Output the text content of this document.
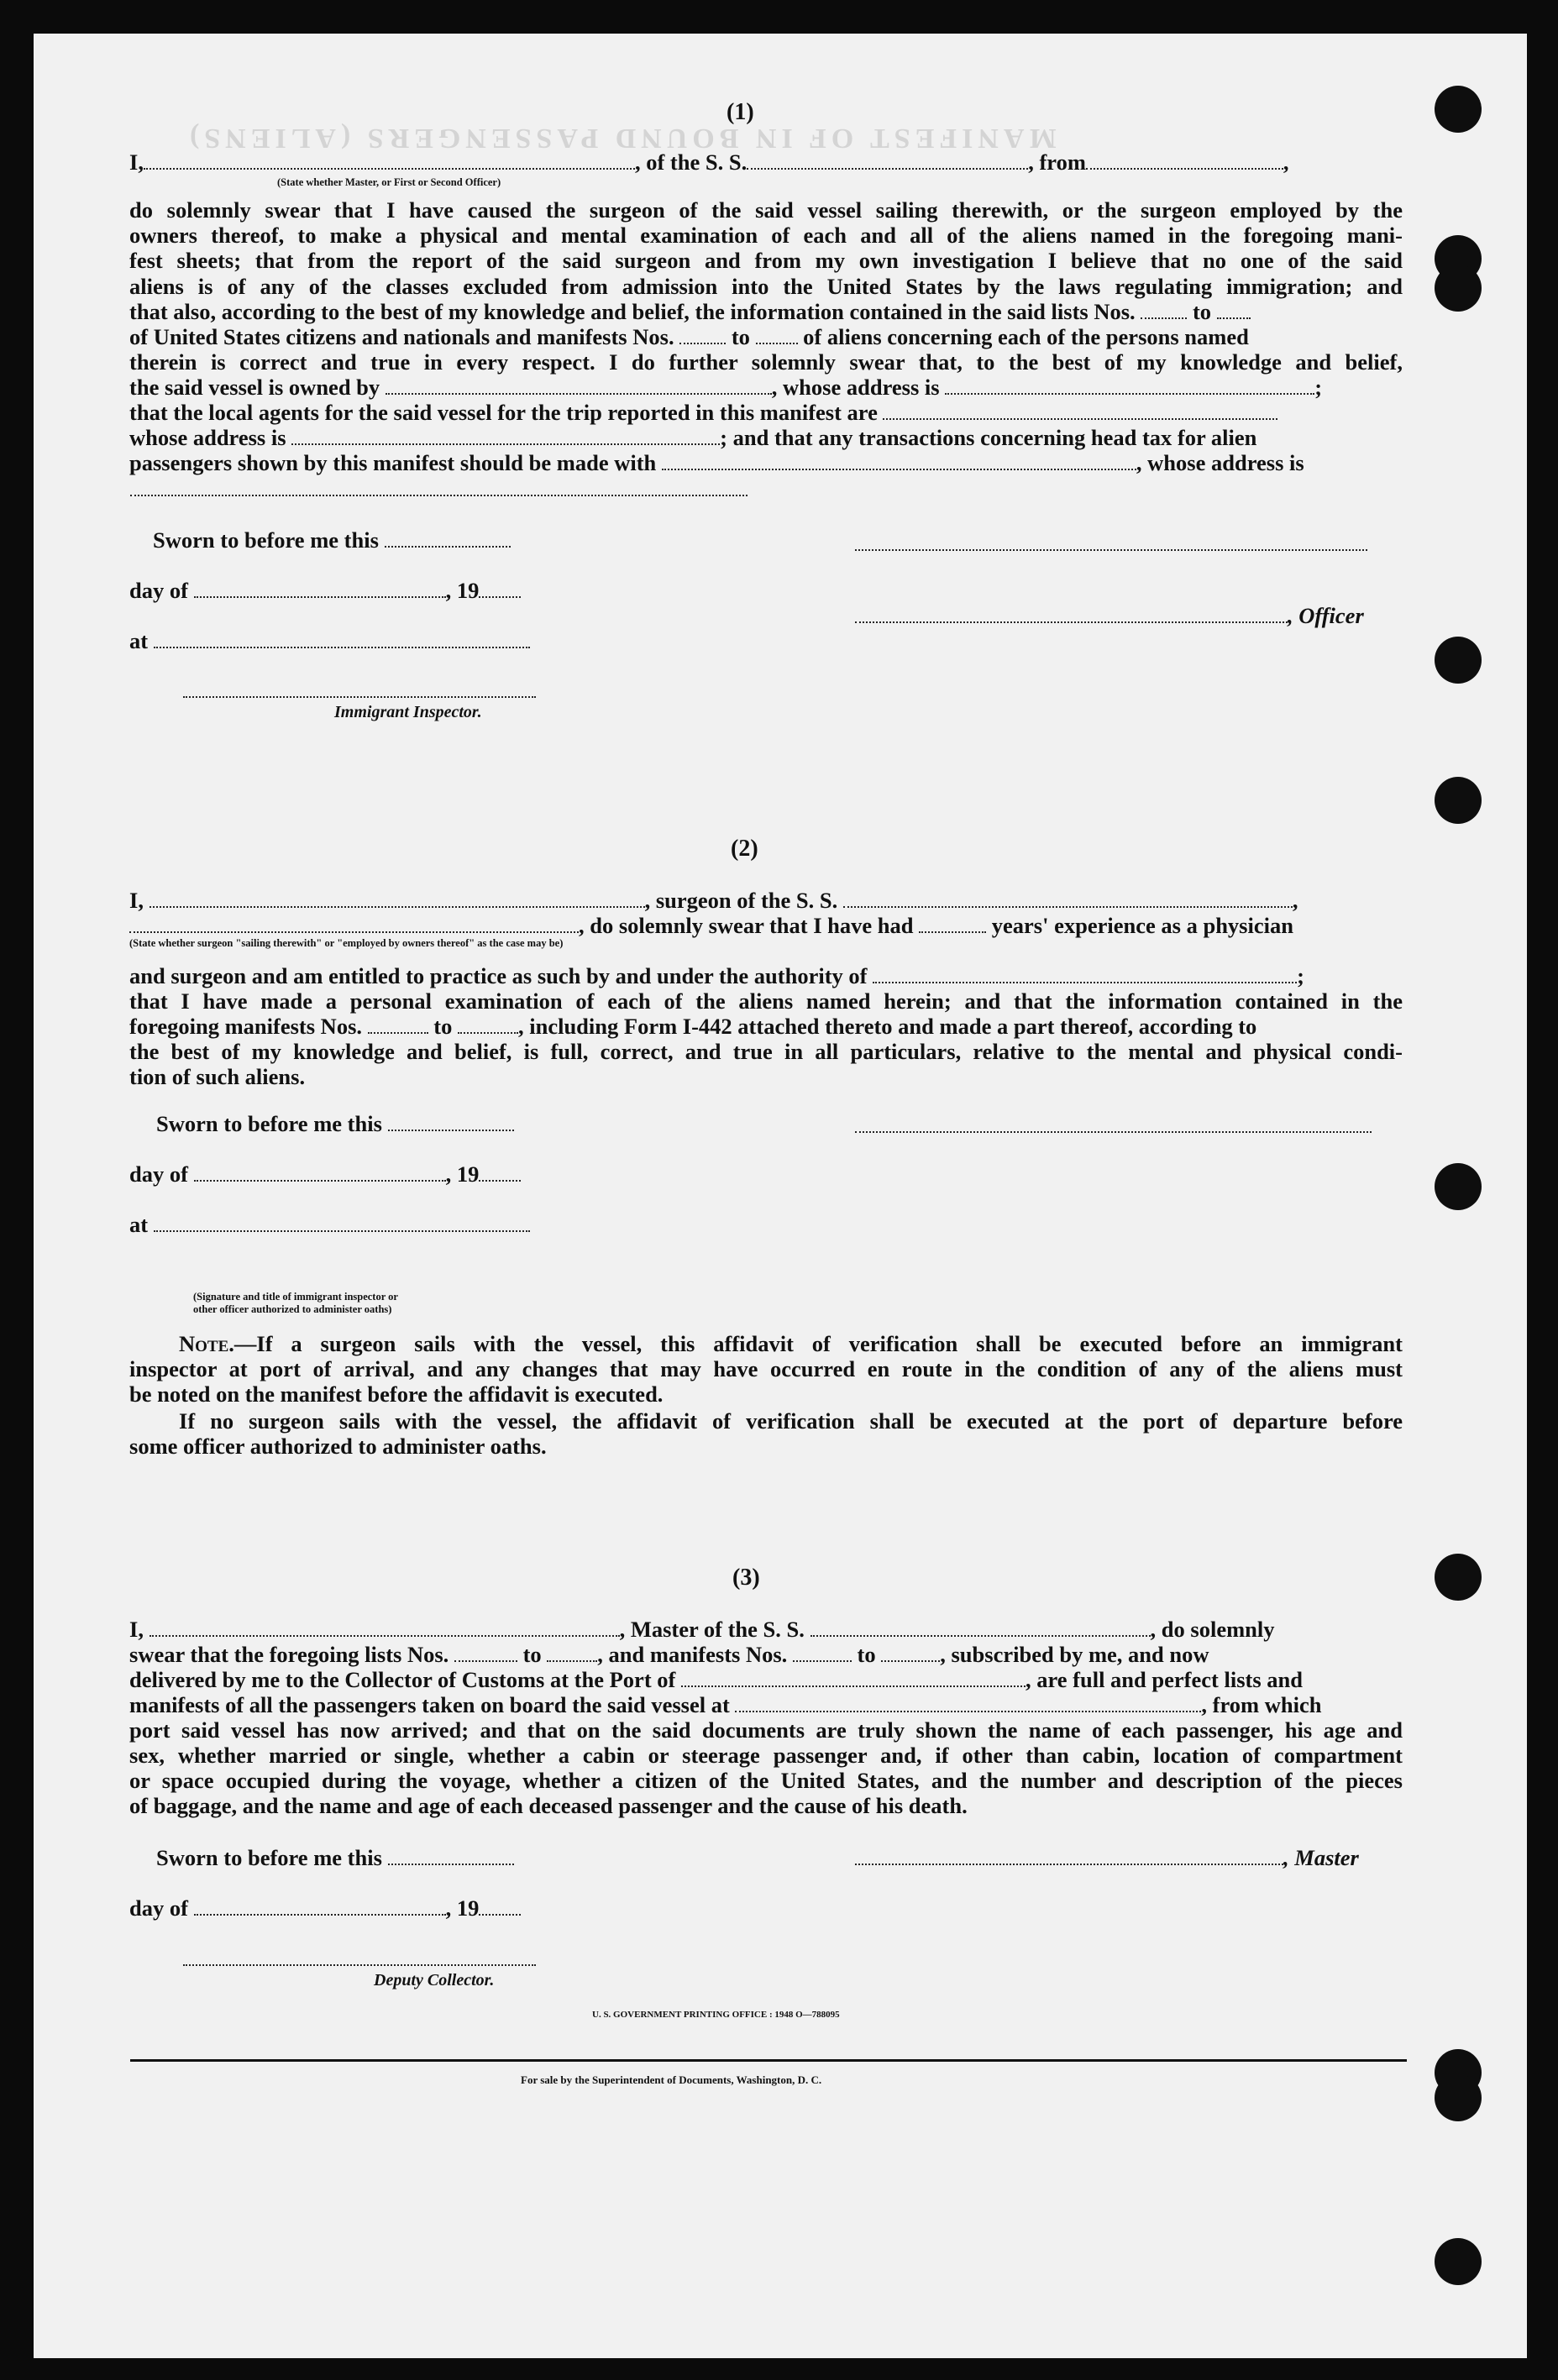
MANIFEST OF IN BOUND PASSENGERS (ALIENS)
(1)
I,	, of the S. S.	, from	,
(State whether Master, or First or Second Officer)
do solemnly swear that I have caused the surgeon of the said vessel sailing therewith, or the surgeon employed by the
owners thereof, to make a physical and mental examination of each and all of the aliens named in the foregoing mani-
fest sheets; that from the report of the said surgeon and from my own investigation I believe that no one of the said
aliens is of any of the classes excluded from admission into the United States by the laws regulating immigration; and
that also, according to the best of my knowledge and belief, the information contained in the said lists Nos.	to
of United States citizens and nationals and manifests Nos.	to of aliens concerning each of the persons named
therein is correct and true in every respect. I do further solemnly swear that, to the best of my knowledge and belief,
the said vessel is owned by	, whose address is	;
that the local agents for the said vessel for the trip reported in this manifest are
whose address is	; and that any transactions concerning head tax for alien
passengers shown by this manifest should be made with	, whose address is
Sworn to before me this
day of	, 19
at
Immigrant Inspector.
, Officer
(2)
I,	, surgeon of the S. S.	,
, do solemnly swear that I have had	years' experience as a physician
(State whether surgeon "sailing therewith" or "employed by owners thereof" as the case may be)
and surgeon and am entitled to practice as such by and under the authority of	;
that I have made a personal examination of each of the aliens named herein; and that the information contained in the
foregoing manifests Nos.	to	, including Form I-442 attached thereto and made a part thereof, according to
the best of my knowledge and belief, is full, correct, and true in all particulars, relative to the mental and physical condi-
tion of such aliens.
Sworn to before me this
day of	, 19
at
(Signature and title of immigrant inspector or
other officer authorized to administer oaths)
Note.—If a surgeon sails with the vessel, this affidavit of verification shall be executed before an immigrant
inspector at port of arrival, and any changes that may have occurred en route in the condition of any of the aliens must
be noted on the manifest before the affidavit is executed.
If no surgeon sails with the vessel, the affidavit of verification shall be executed at the port of departure before
some officer authorized to administer oaths.
(3)
I,	, Master of the S. S.	, do solemnly
swear that the foregoing lists Nos.	to	, and manifests Nos.	to	, subscribed by me, and now
delivered by me to the Collector of Customs at the Port of	, are full and perfect lists and
manifests of all the passengers taken on board the said vessel at	, from which
port said vessel has now arrived; and that on the said documents are truly shown the name of each passenger, his age and
sex, whether married or single, whether a cabin or steerage passenger and, if other than cabin, location of compartment
or space occupied during the voyage, whether a citizen of the United States, and the number and description of the pieces
of baggage, and the name and age of each deceased passenger and the cause of his death.
Sworn to before me this
day of	, 19
, Master
Deputy Collector.
U. S. GOVERNMENT PRINTING OFFICE : 1948 O—788095
For sale by the Superintendent of Documents, Washington, D. C.
